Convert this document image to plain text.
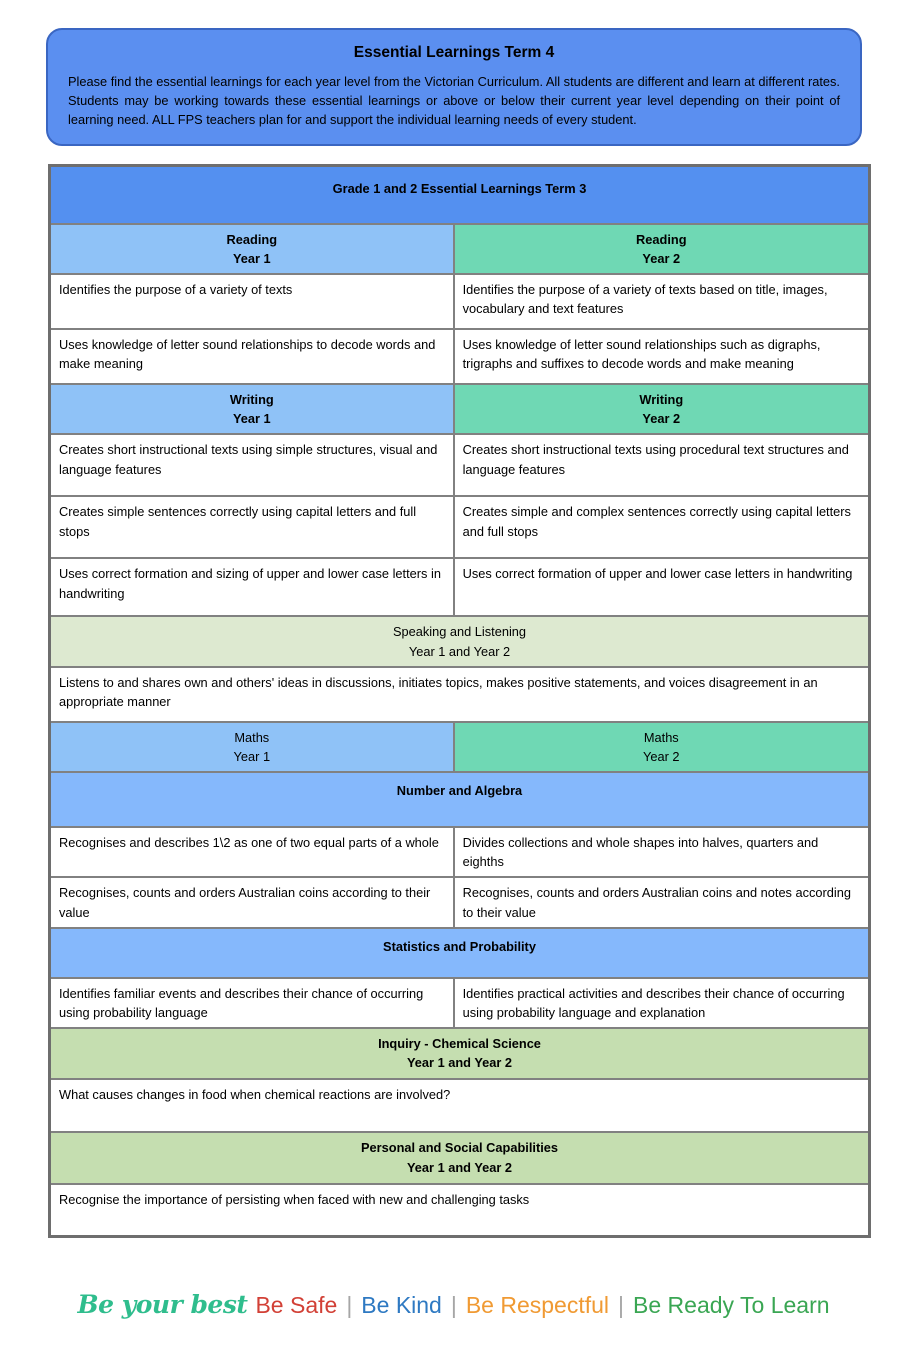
Essential Learnings Term 4

Please find the essential learnings for each year level from the Victorian Curriculum. All students are different and learn at different rates. Students may be working towards these essential learnings or above or below their current year level depending on their point of learning need. ALL FPS teachers plan for and support the individual learning needs of every student.

Grade 1 and 2 Essential Learnings Term 3
Reading
Year 1
Reading
Year 2
Identifies the purpose of a variety of texts	Identifies the purpose of a variety of texts based on title, images, vocabulary and text features
Uses knowledge of letter sound relationships to decode words and make meaning
Uses knowledge of letter sound relationships such as digraphs, trigraphs and suffixes to decode words and make meaning
Writing
Year 1
Writing
Year 2
Creates short instructional texts using simple structures, visual and language features
Creates short instructional texts using procedural text structures and language features
Creates simple sentences correctly using capital letters and full stops
Creates simple and complex sentences correctly using capital letters and full stops
Uses correct formation and sizing of upper and lower case letters in handwriting
Uses correct formation of upper and lower case letters in handwriting
Speaking and Listening
Year 1 and Year 2
Listens to and shares own and others' ideas in discussions, initiates topics, makes positive statements, and voices disagreement in an appropriate manner
Maths
Year 1
Maths
Year 2
Number and Algebra
Recognises and describes 1\2 as one of two equal parts of a whole	Divides collections and whole shapes into halves, quarters and eighths
Recognises, counts and orders Australian coins according to their value
Recognises, counts and orders Australian coins and notes according to their value
Statistics and Probability
Identifies familiar events and describes their chance of occurring using probability language
Identifies practical activities and describes their chance of occurring using probability language and explanation
Inquiry - Chemical Science
Year 1 and Year 2
What causes changes in food when chemical reactions are involved?
Personal and Social Capabilities
Year 1 and Year 2
Recognise the importance of persisting when faced with new and challenging tasks
Be your best Be Safe | Be Kind | Be Respectful | Be Ready To Learn
